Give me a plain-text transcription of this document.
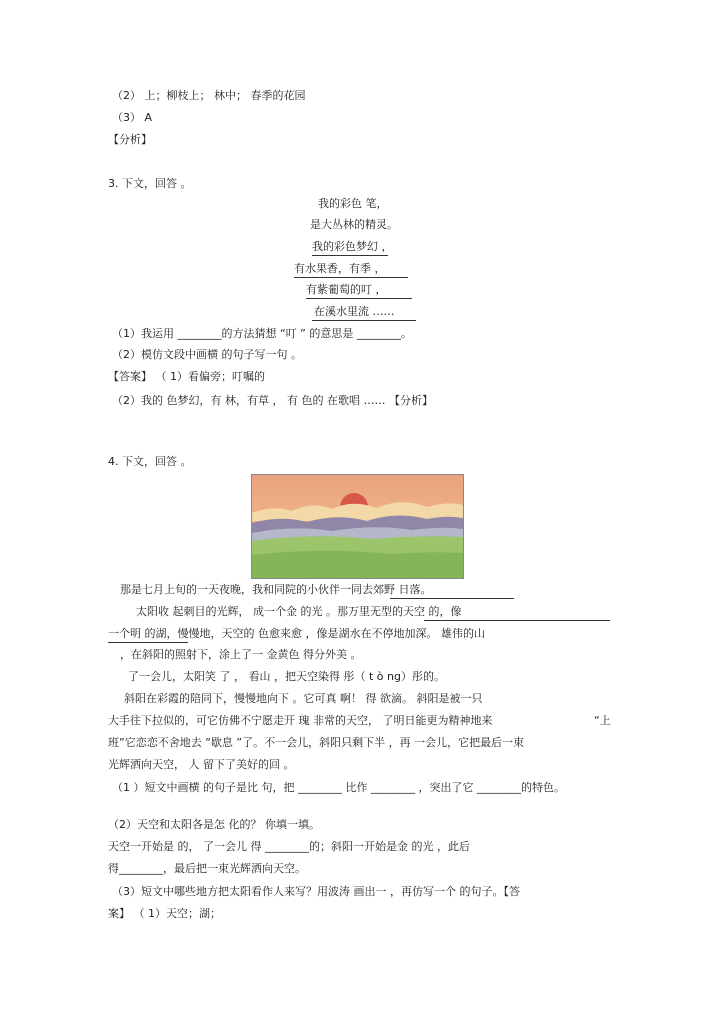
（2） 上；柳枝上； 林中； 春季的花园
（3） A
【分析】
3. 下文，回答 。
我的彩色 笔，
是大丛林的精灵。
我的彩色梦幻 ，
有水果香，有季 ，
有紫葡萄的叮 ，
在溪水里流 ……
（1）我运用 ________的方法猜想 “叮 ” 的意思是 ________。
（2）模仿文段中画横 的句子写一句 。
【答案】 （ 1）看偏旁；叮嘱的
（2）我的 色梦幻，有 林，有草 ， 有 色的 在歌唱 …… 【分析】
4. 下文，回答 。
那是七月上旬的一天夜晚，我和同院的小伙伴一同去郊野 日落。
太阳收 起刺目的光辉， 成一个金 的光 。那万里无型的天空 的，像
一个明 的湖，慢慢地，天空的 色愈来愈 ，像是湖水在不停地加深。 雄伟的山
，在斜阳的照射下，涂上了一 金黄色 得分外美 。
了一会儿，太阳笑 了 ， 看山 ，把天空染得 彤（ t ò ng）彤的。
斜阳在彩霞的陪同下，慢慢地向下 。它可真 啊！ 得 欲滴。 斜阳是被一只
大手往下拉似的，可它仿佛不宁愿走开 瑰 非常的天空， 了明日能更为精神地来	“上
班”它恋恋不舍地去 “歇息 ”了。不一会儿，斜阳只剩下半 ，再 一会儿，它把最后一束
光辉洒向天空， 人 留下了美好的回 。
（1 ）短文中画横 的句子是比 句，把 ________ 比作 ________ ，突出了它 ________的特色。
（2）天空和太阳各是怎 化的？ 你填一填。
天空一开始是 的， 了一会儿 得 ________的；斜阳一开始是金 的光 ，此后
得________，最后把一束光辉洒向天空。
（3）短文中哪些地方把太阳看作人来写？用波涛 画出一 ，再仿写一个 的句子。【答
案】 （ 1）天空；湖；
